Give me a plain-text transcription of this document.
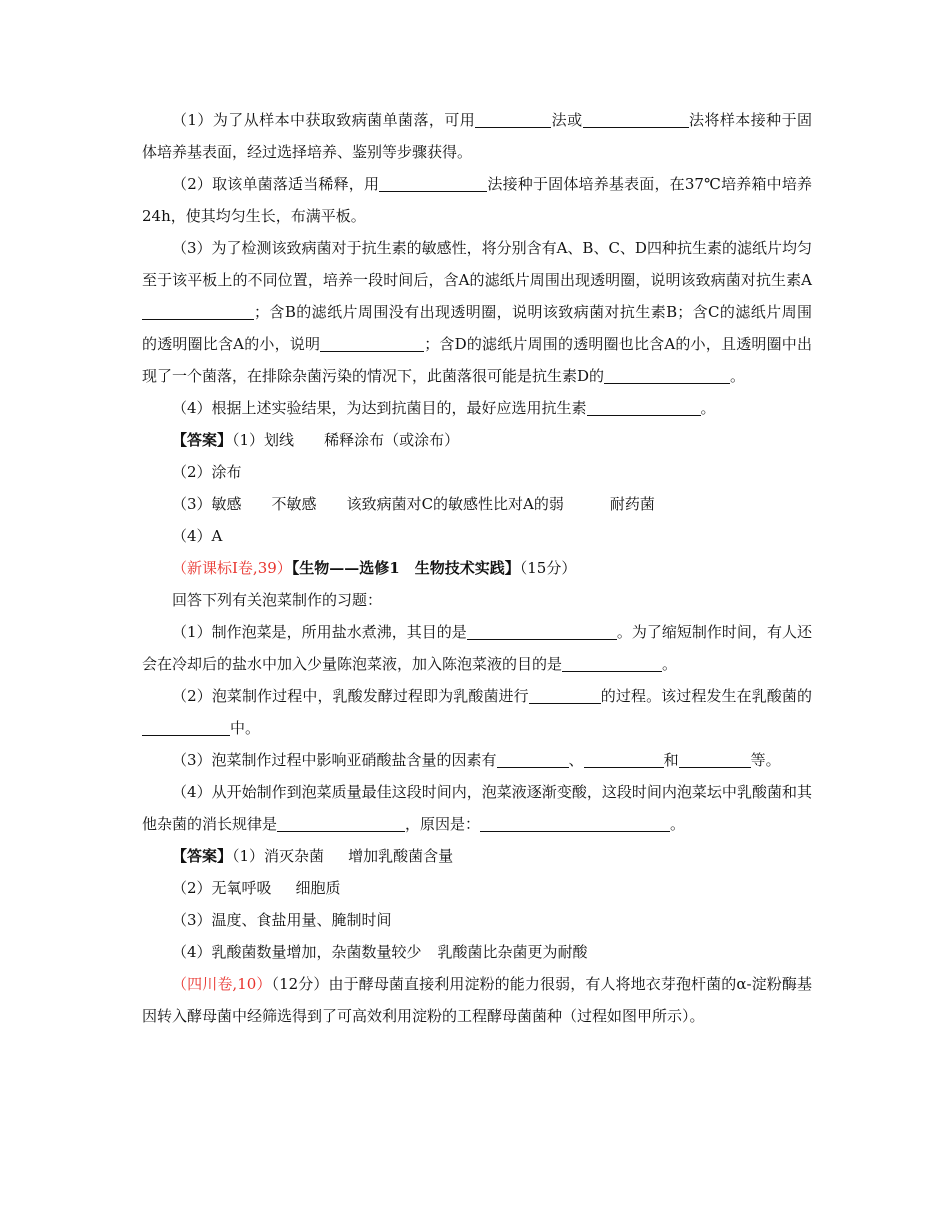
（1）为了从样本中获取致病菌单菌落，可用	法或	法将样本接种于固体培养基表面，经过选择培养、鉴别等步骤获得。

（2）取该单菌落适当稀释，用	法接种于固体培养基表面，在37℃培养箱中培养24h，使其均匀生长，布满平板。

（3）为了检测该致病菌对于抗生素的敏感性，将分别含有A、B、C、D四种抗生素的滤纸片均匀至于该平板上的不同位置，培养一段时间后，含A的滤纸片周围出现透明圈，说明该致病菌对抗生素A；含B的滤纸片周围没有出现透明圈，说明该致病菌对抗生素B；含C的滤纸片周围的透明圈比含A的小，说明	；含D的滤纸片周围的透明圈也比含A的小，且透明圈中出现了一个菌落，在排除杂菌污染的情况下，此菌落很可能是抗生素D的	。

（4）根据上述实验结果，为达到抗菌目的，最好应选用抗生素	。

【答案】（1）划线 稀释涂布（或涂布）

（2）涂布

（3）敏感 不敏感 该致病菌对C的敏感性比对A的弱	耐药菌

（4）A

（新课标Ⅰ卷,39）【生物——选修1　生物技术实践】（15分）

回答下列有关泡菜制作的习题：

（1）制作泡菜是，所用盐水煮沸，其目的是	。为了缩短制作时间，有人还会在冷却后的盐水中加入少量陈泡菜液，加入陈泡菜液的目的是	。

（2）泡菜制作过程中，乳酸发酵过程即为乳酸菌进行	的过程。该过程发生在乳酸菌的中。

（3）泡菜制作过程中影响亚硝酸盐含量的因素有	、	和	等。

（4）从开始制作到泡菜质量最佳这段时间内，泡菜液逐渐变酸，这段时间内泡菜坛中乳酸菌和其他杂菌的消长规律是	，原因是：	。

【答案】（1）消灭杂菌 增加乳酸菌含量

（2）无氧呼吸 细胞质

（3）温度、食盐用量、腌制时间

（4）乳酸菌数量增加，杂菌数量较少 乳酸菌比杂菌更为耐酸

（四川卷,10）（12分）由于酵母菌直接利用淀粉的能力很弱，有人将地衣芽孢杆菌的α-淀粉酶基因转入酵母菌中经筛选得到了可高效利用淀粉的工程酵母菌菌种（过程如图甲所示）。
